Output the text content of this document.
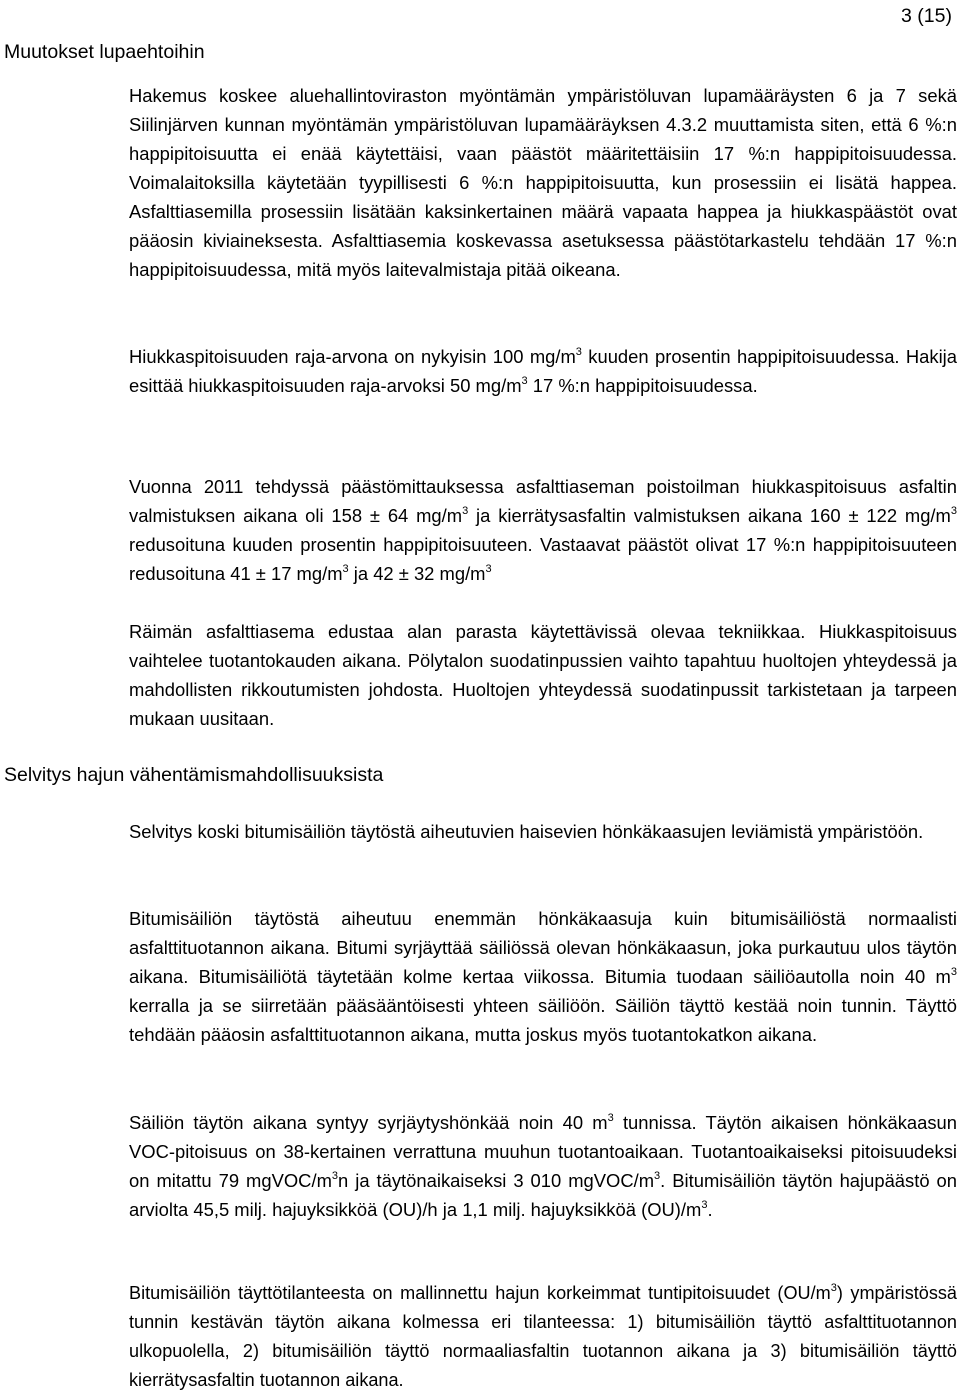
3 (15)
Muutokset lupaehtoihin

Hakemus koskee aluehallintoviraston myöntämän ympäristöluvan lupamääräysten 6 ja 7 sekä Siilinjärven kunnan myöntämän ympäristöluvan lupamääräyksen 4.3.2 muuttamista siten, että 6 %:n happipitoisuutta ei enää käytettäisi, vaan päästöt määritettäisiin 17 %:n happipitoisuudessa. Voimalaitoksilla käytetään tyypillisesti 6 %:n happipitoisuutta, kun prosessiin ei lisätä happea. Asfalttiasemilla prosessiin lisätään kaksinkertainen määrä vapaata happea ja hiukkaspäästöt ovat pääosin kiviaineksesta. Asfalttiasemia koskevassa asetuksessa päästötarkastelu tehdään 17 %:n happipitoisuudessa, mitä myös laitevalmistaja pitää oikeana.

Hiukkaspitoisuuden raja-arvona on nykyisin 100 $mg/m^3$ kuuden prosentin happipitoisuudessa. Hakija esittää hiukkaspitoisuuden raja-arvoksi 50 $mg/m^3$ 17 %:n happipitoisuudessa.

Vuonna 2011 tehdyssä päästömittauksessa asfalttiaseman poistoilman hiukkaspitoisuus asfaltin valmistuksen aikana oli 158 ± 64 $mg/m^3$ ja kierrätysasfaltin valmistuksen aikana 160 ± 122 $mg/m^3$ redusoituna kuuden prosentin happipitoisuuteen. Vastaavat päästöt olivat 17 %:n happipitoisuuteen redusoituna 41 ± 17 $mg/m^3$ ja 42 ± 32 $mg/m^3$

Räimän asfalttiasema edustaa alan parasta käytettävissä olevaa tekniikkaa. Hiukkaspitoisuus vaihtelee tuotantokauden aikana. Pölytalon suodatinpussien vaihto tapahtuu huoltojen yhteydessä ja mahdollisten rikkoutumisten johdosta. Huoltojen yhteydessä suodatinpussit tarkistetaan ja tarpeen mukaan uusitaan.

Selvitys hajun vähentämismahdollisuuksista

Selvitys koski bitumisäiliön täytöstä aiheutuvien haisevien hönkäkaasujen leviämistä ympäristöön.

Bitumisäiliön täytöstä aiheutuu enemmän hönkäkaasuja kuin bitumisäiliöstä normaalisti asfalttituotannon aikana. Bitumi syrjäyttää säiliössä olevan hönkäkaasun, joka purkautuu ulos täytön aikana. Bitumisäiliötä täytetään kolme kertaa viikossa. Bitumia tuodaan säiliöautolla noin 40 $m^3$ kerralla ja se siirretään pääsääntöisesti yhteen säiliöön. Säiliön täyttö kestää noin tunnin. Täyttö tehdään pääosin asfalttituotannon aikana, mutta joskus myös tuotantokatkon aikana.

Säiliön täytön aikana syntyy syrjäytyshönkää noin 40 $m^3$ tunnissa. Täytön aikaisen hönkäkaasun VOC-pitoisuus on 38-kertainen verrattuna muuhun tuotantoaikaan. Tuotantoaikaiseksi pitoisuudeksi on mitattu 79 mgVOC/$m^3n$ ja täytönaikaiseksi 3 010 mgVOC/$m^3$. Bitumisäiliön täytön hajupäästö on arviolta 45,5 milj. hajuyksikköä (OU)/h ja 1,1 milj. hajuyksikköä $(OU)/m^3$.

Bitumisäiliön täyttötilanteesta on mallinnettu hajun korkeimmat tuntipitoisuudet $(OU/m^3)$ ympäristössä tunnin kestävän täytön aikana kolmessa eri tilanteessa: 1) bitumisäiliön täyttö asfalttituotannon ulkopuolella, 2) bitumisäiliön täyttö normaaliasfaltin tuotannon aikana ja 3) bitumisäiliön täyttö kierrätysasfaltin tuotannon aikana.
